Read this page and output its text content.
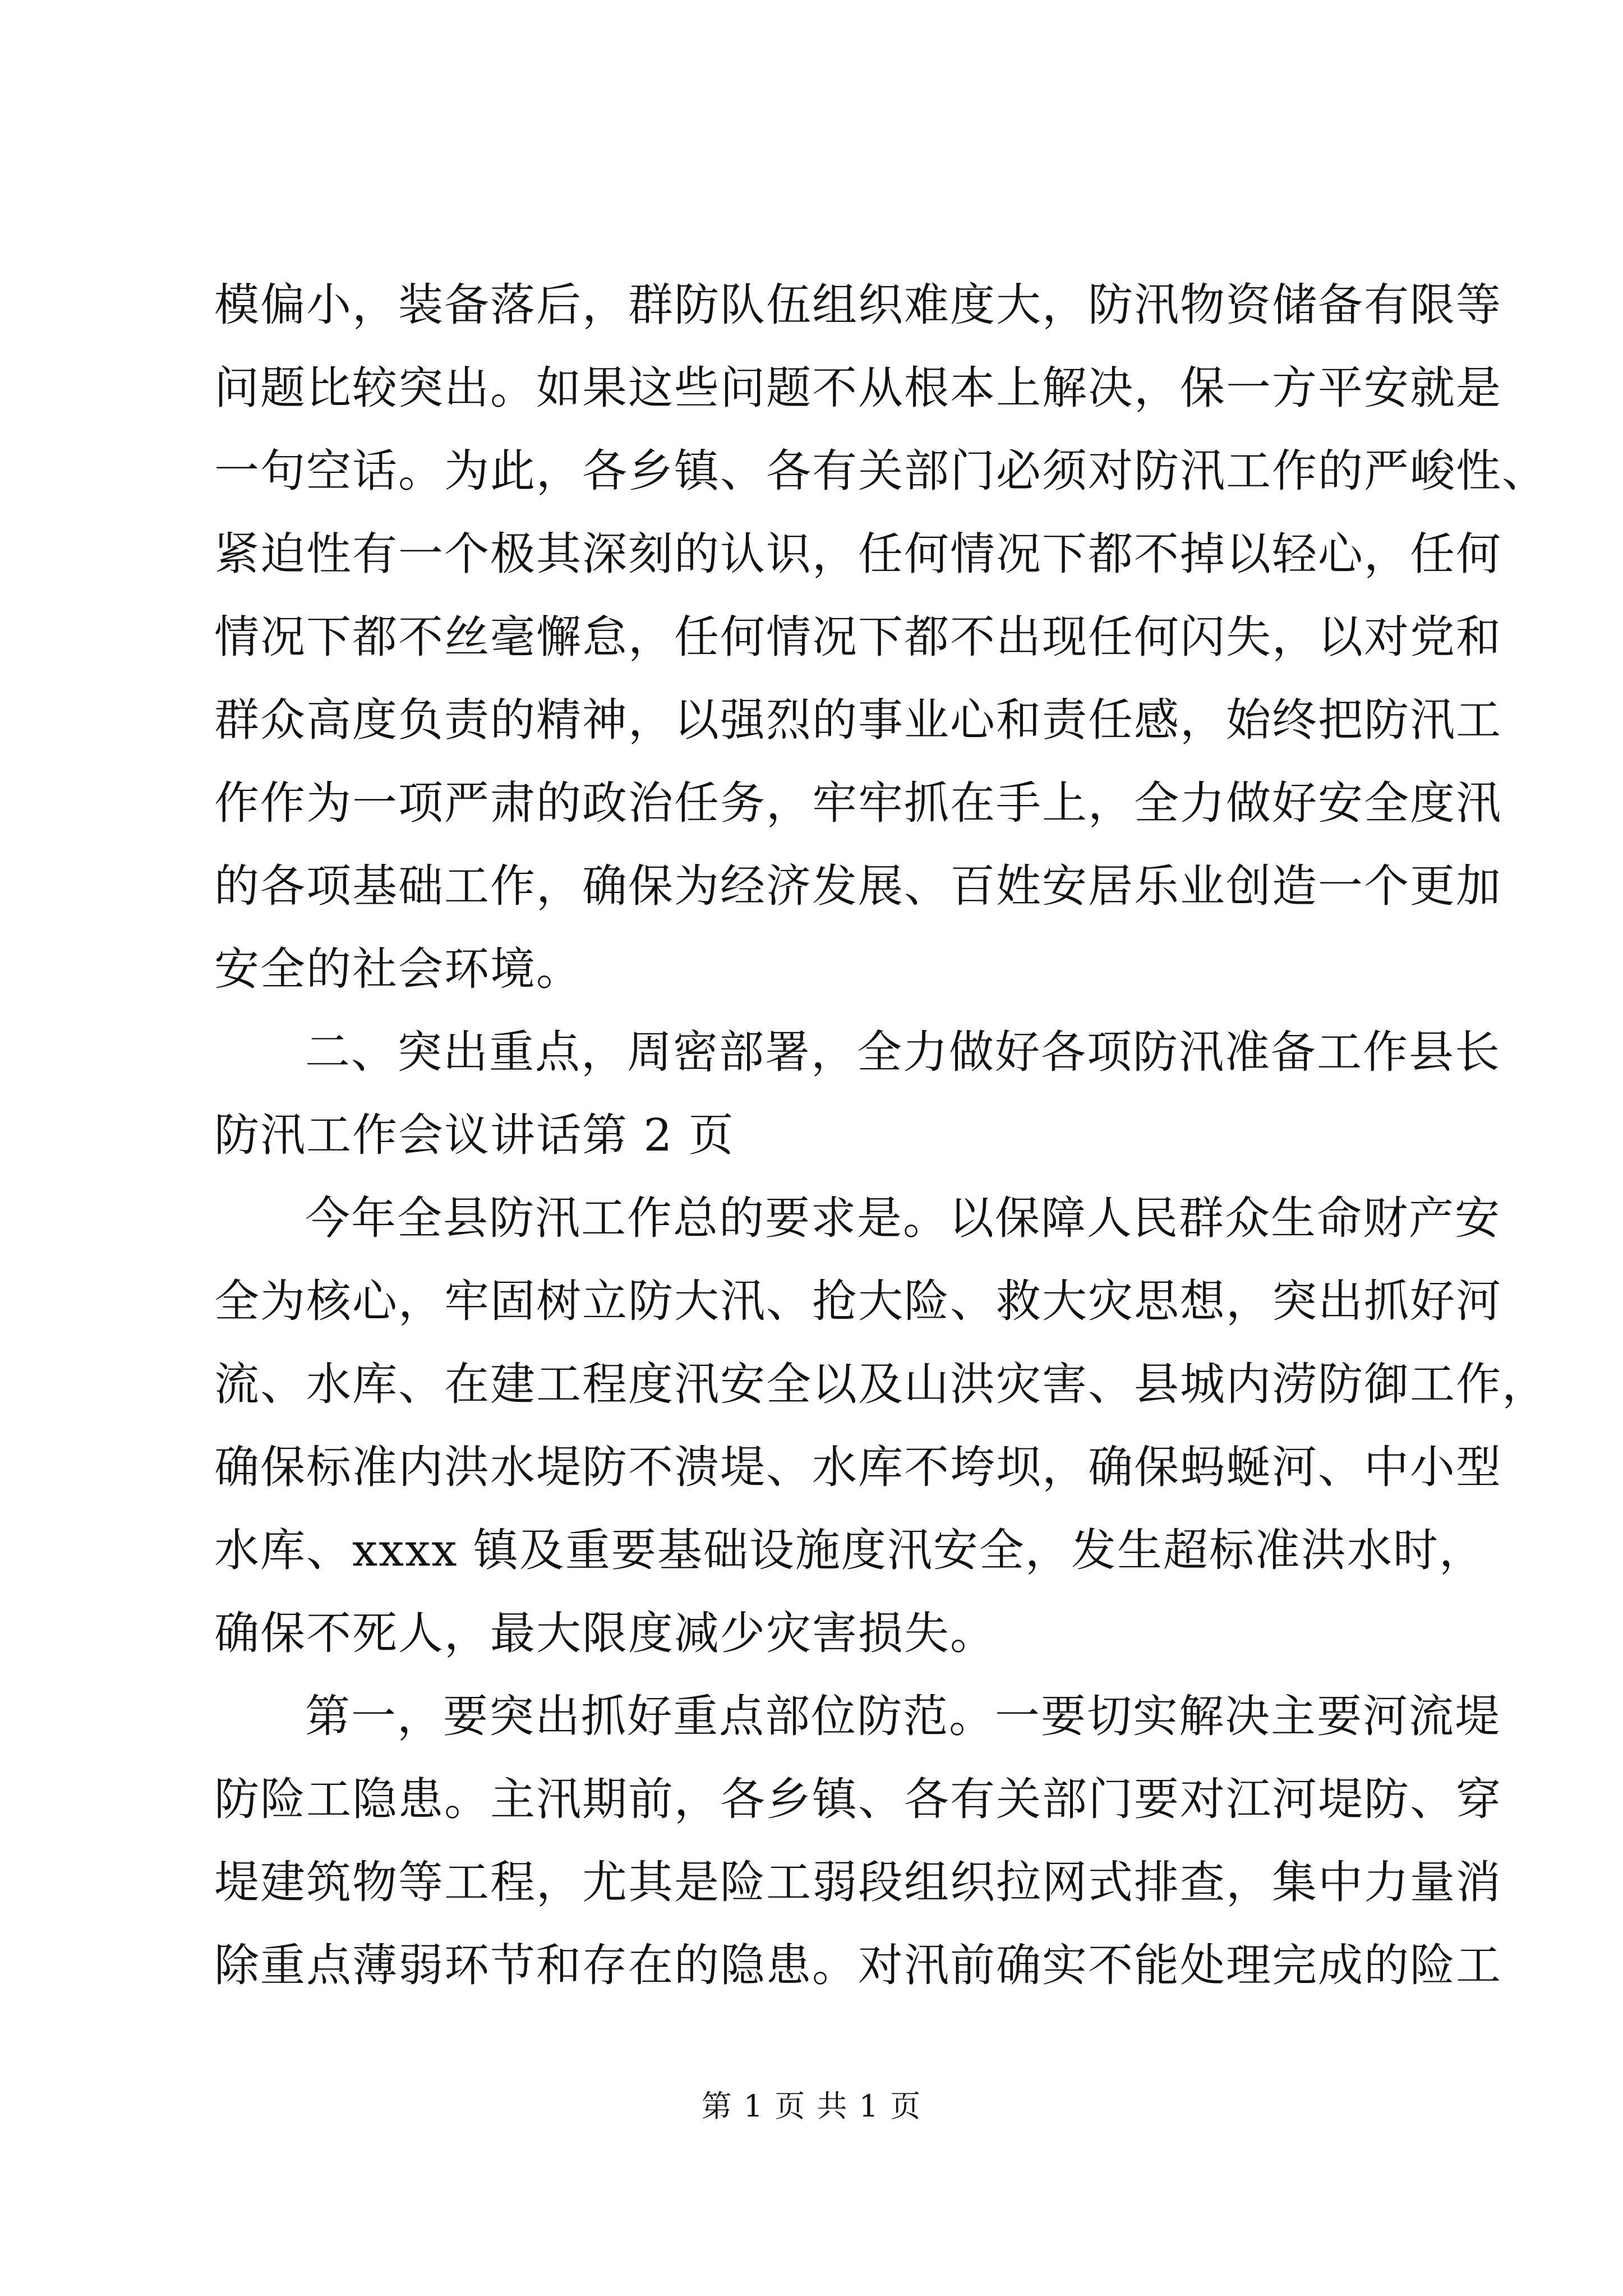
模偏小，装备落后，群防队伍组织难度大，防汛物资储备有限等
问题比较突出。如果这些问题不从根本上解决，保一方平安就是
一句空话。为此，各乡镇、各有关部门必须对防汛工作的严峻性、
紧迫性有一个极其深刻的认识，任何情况下都不掉以轻心，任何
情况下都不丝毫懈怠，任何情况下都不出现任何闪失，以对党和
群众高度负责的精神，以强烈的事业心和责任感，始终把防汛工
作作为一项严肃的政治任务，牢牢抓在手上，全力做好安全度汛
的各项基础工作，确保为经济发展、百姓安居乐业创造一个更加
安全的社会环境。
二、突出重点，周密部署，全力做好各项防汛准备工作县长
防汛工作会议讲话第 2 页
今年全县防汛工作总的要求是。以保障人民群众生命财产安
全为核心，牢固树立防大汛、抢大险、救大灾思想，突出抓好河
流、水库、在建工程度汛安全以及山洪灾害、县城内涝防御工作，
确保标准内洪水堤防不溃堤、水库不垮坝，确保蚂蜒河、中小型
水库、xxxx 镇及重要基础设施度汛安全，发生超标准洪水时，
确保不死人，最大限度减少灾害损失。
第一，要突出抓好重点部位防范。一要切实解决主要河流堤
防险工隐患。主汛期前，各乡镇、各有关部门要对江河堤防、穿
堤建筑物等工程，尤其是险工弱段组织拉网式排查，集中力量消
除重点薄弱环节和存在的隐患。对汛前确实不能处理完成的险工
第 1 页 共 1 页
